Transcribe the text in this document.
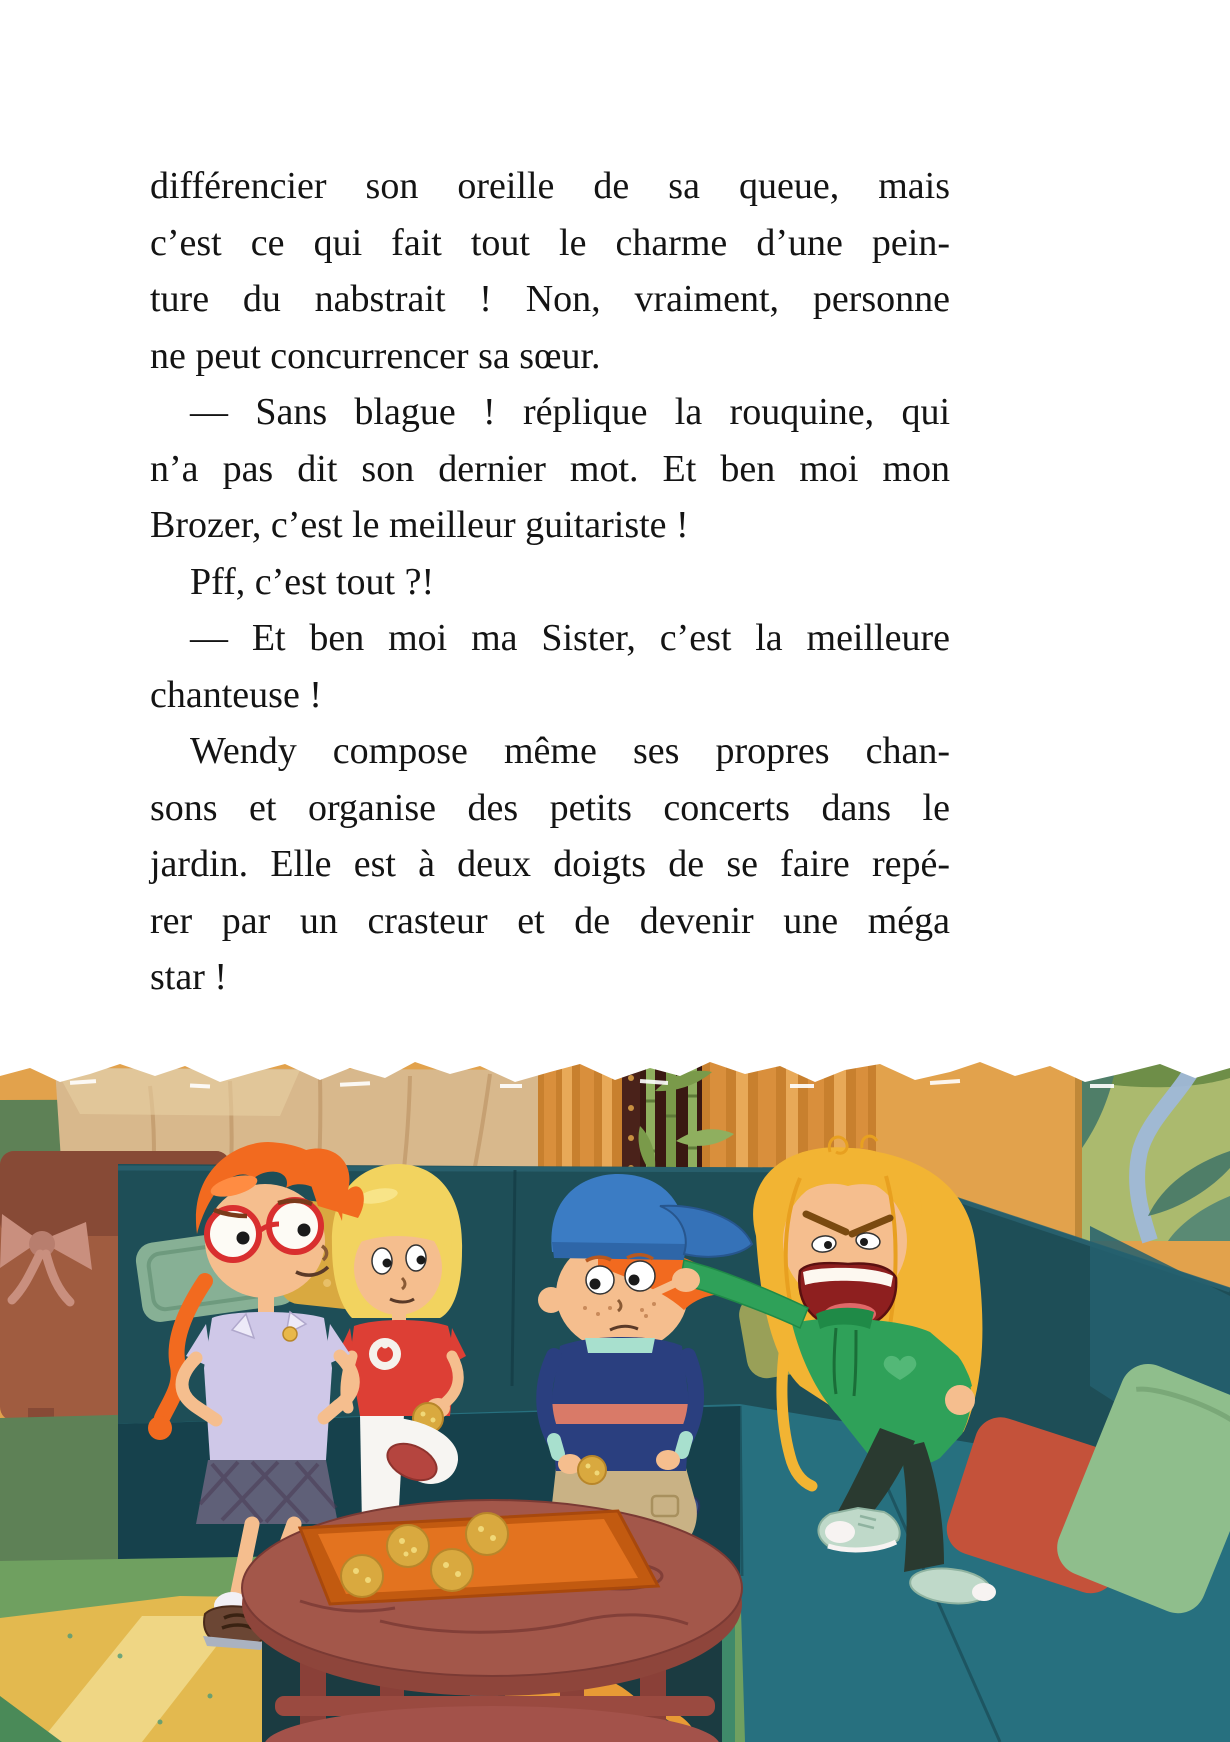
différencier son oreille de sa queue, mais
c’est ce qui fait tout le charme d’une pein-
ture du nabstrait ! Non, vraiment, personne
ne peut concurrencer sa sœur.
— Sans blague ! réplique la rouquine, qui
n’a pas dit son dernier mot. Et ben moi mon
Brozer, c’est le meilleur guitariste !
Pff, c’est tout ?!
— Et ben moi ma Sister, c’est la meilleure
chanteuse !
Wendy compose même ses propres chan-
sons et organise des petits concerts dans le
jardin. Elle est à deux doigts de se faire repé-
rer par un crasteur et de devenir une méga
star !
